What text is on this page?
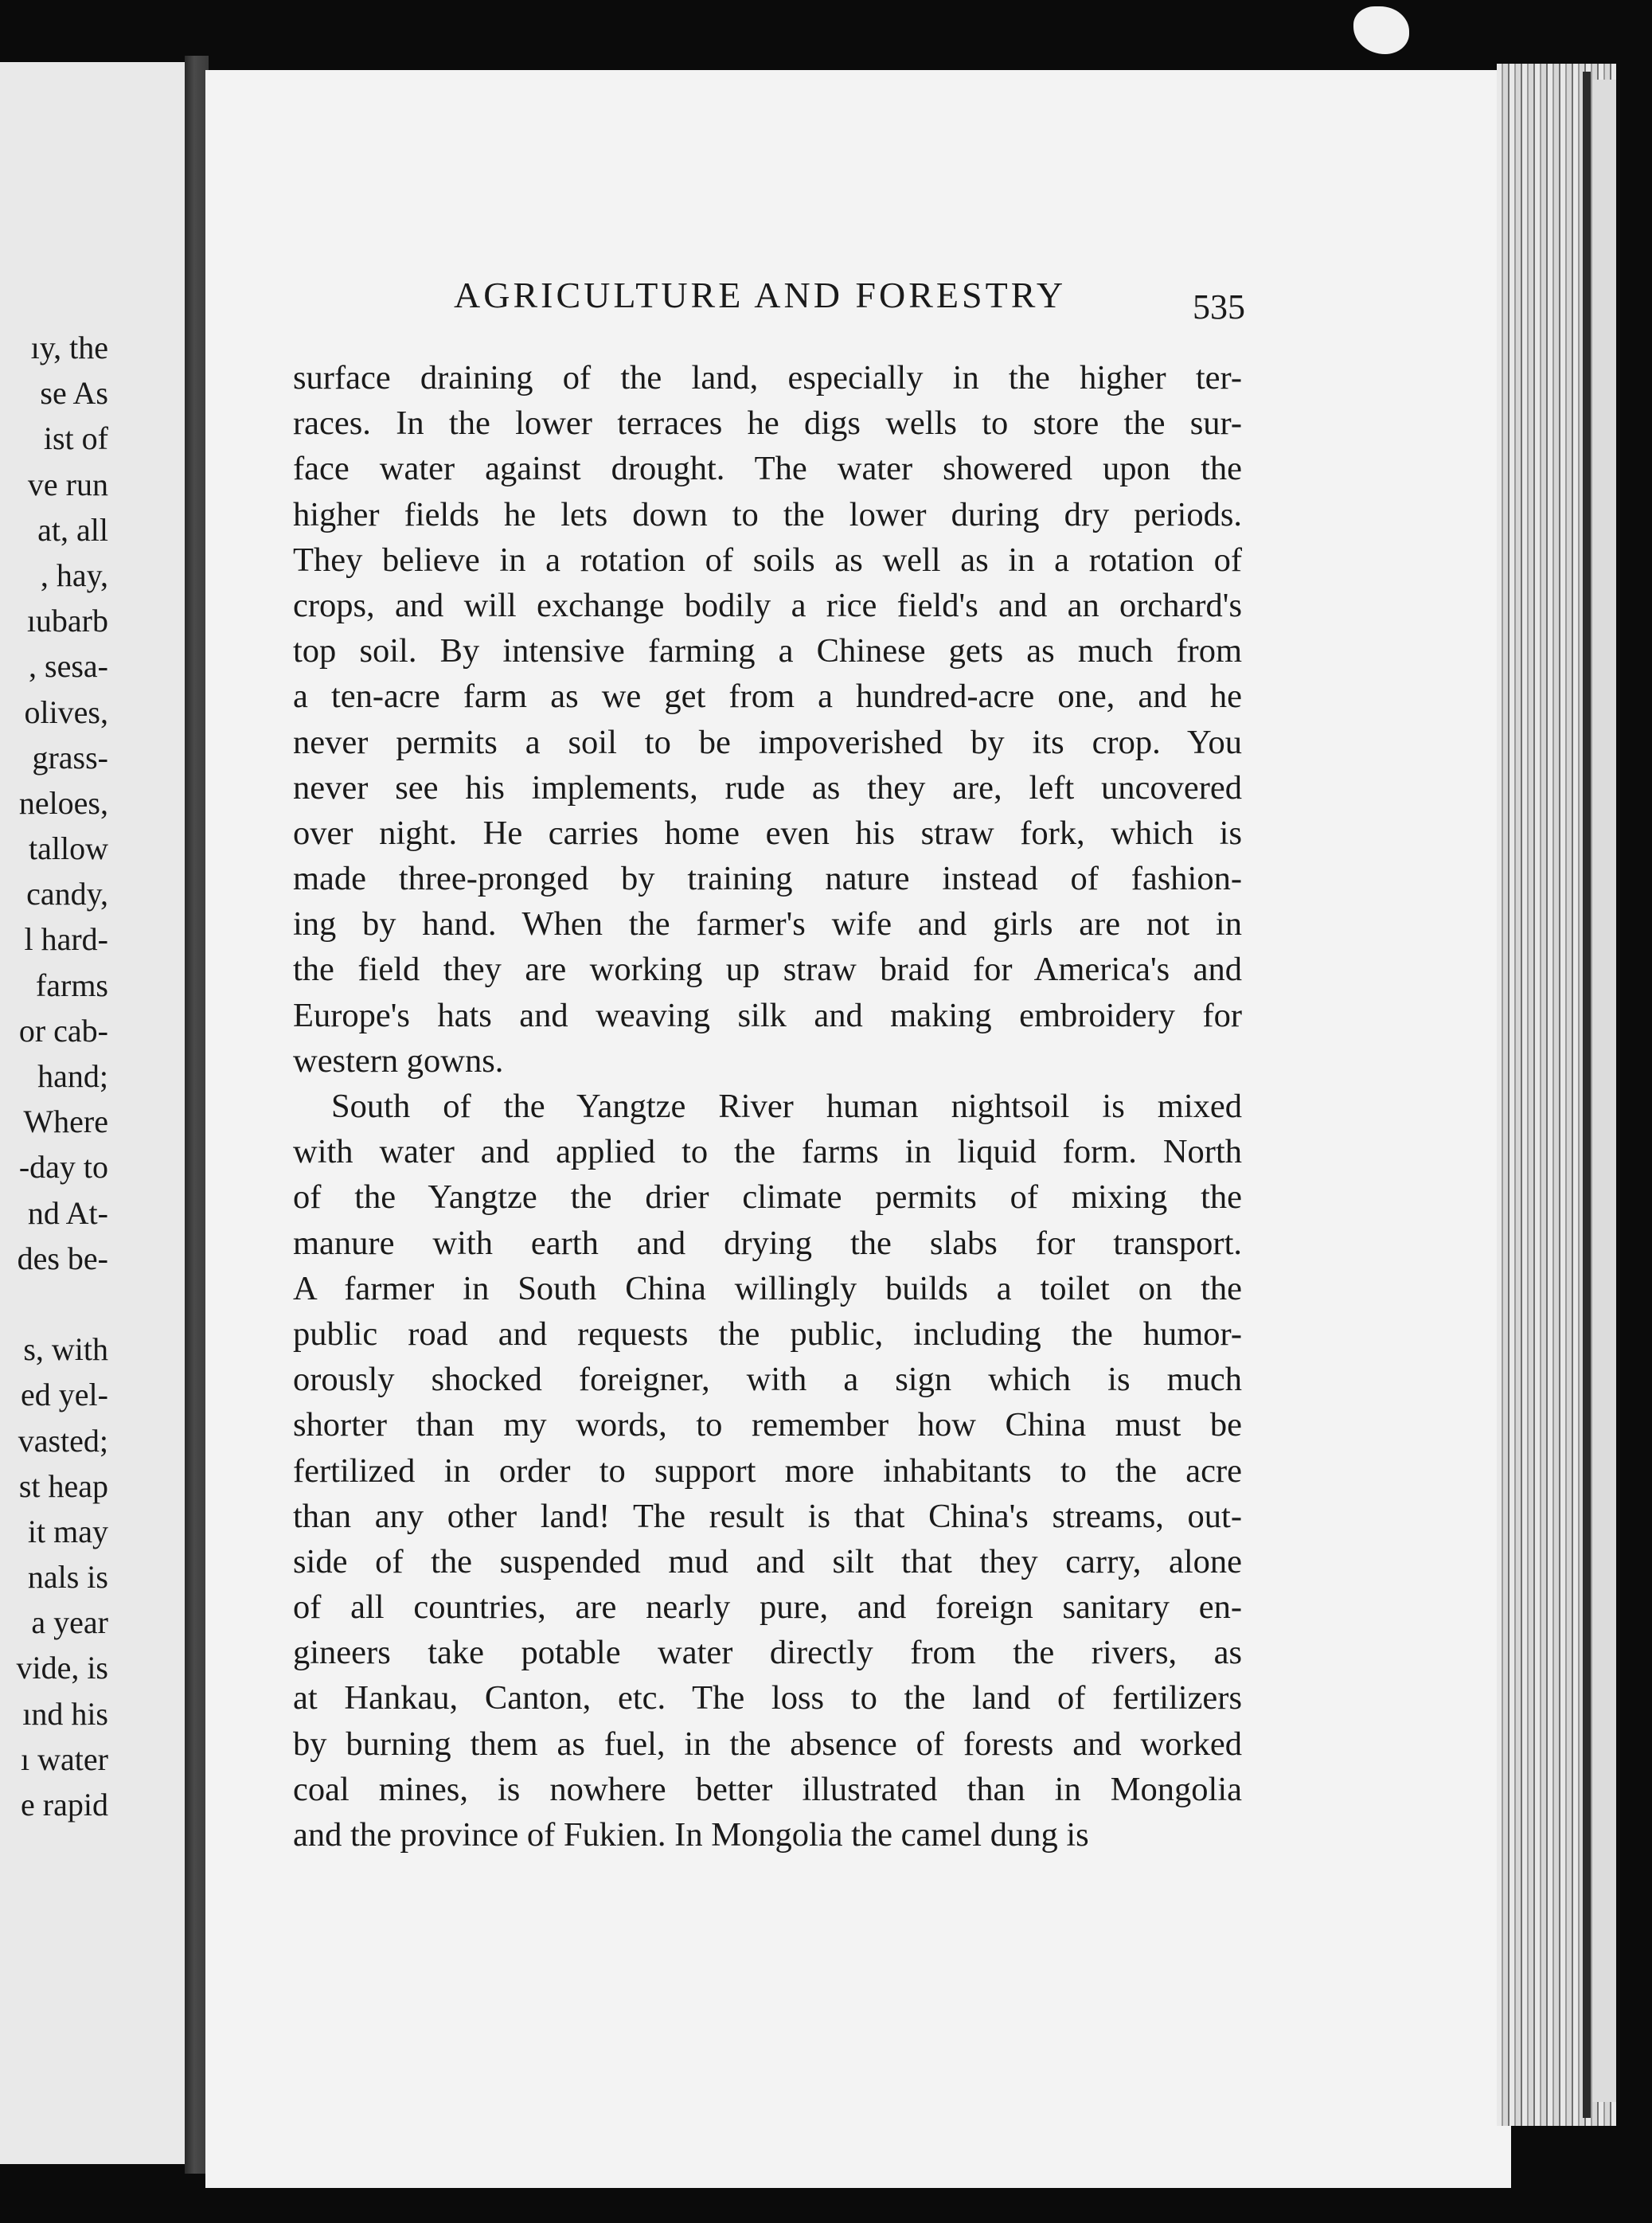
ıy, the
se As
ist of
ve run
at, all
, hay,
ıubarb
, sesa-
olives,
grass-
neloes,
tallow
candy,
l hard-
farms
or cab-
hand;
Where
-day to
nd At-
des be-
s, with
ed yel-
vasted;
st heap
it may
nals is
a year
vide, is
ınd his
ı water
e rapid
AGRICULTURE AND FORESTRY	535
surface draining of the land, especially in the higher ter-
races. In the lower terraces he digs wells to store the sur-
face water against drought. The water showered upon the
higher fields he lets down to the lower during dry periods.
They believe in a rotation of soils as well as in a rotation of
crops, and will exchange bodily a rice field's and an orchard's
top soil. By intensive farming a Chinese gets as much from
a ten-acre farm as we get from a hundred-acre one, and he
never permits a soil to be impoverished by its crop. You
never see his implements, rude as they are, left uncovered
over night. He carries home even his straw fork, which is
made three-pronged by training nature instead of fashion-
ing by hand. When the farmer's wife and girls are not in
the field they are working up straw braid for America's and
Europe's hats and weaving silk and making embroidery for
western gowns.
South of the Yangtze River human nightsoil is mixed
with water and applied to the farms in liquid form. North
of the Yangtze the drier climate permits of mixing the
manure with earth and drying the slabs for transport.
A farmer in South China willingly builds a toilet on the
public road and requests the public, including the humor-
orously shocked foreigner, with a sign which is much
shorter than my words, to remember how China must be
fertilized in order to support more inhabitants to the acre
than any other land! The result is that China's streams, out-
side of the suspended mud and silt that they carry, alone
of all countries, are nearly pure, and foreign sanitary en-
gineers take potable water directly from the rivers, as
at Hankau, Canton, etc. The loss to the land of fertilizers
by burning them as fuel, in the absence of forests and worked
coal mines, is nowhere better illustrated than in Mongolia
and the province of Fukien. In Mongolia the camel dung is
